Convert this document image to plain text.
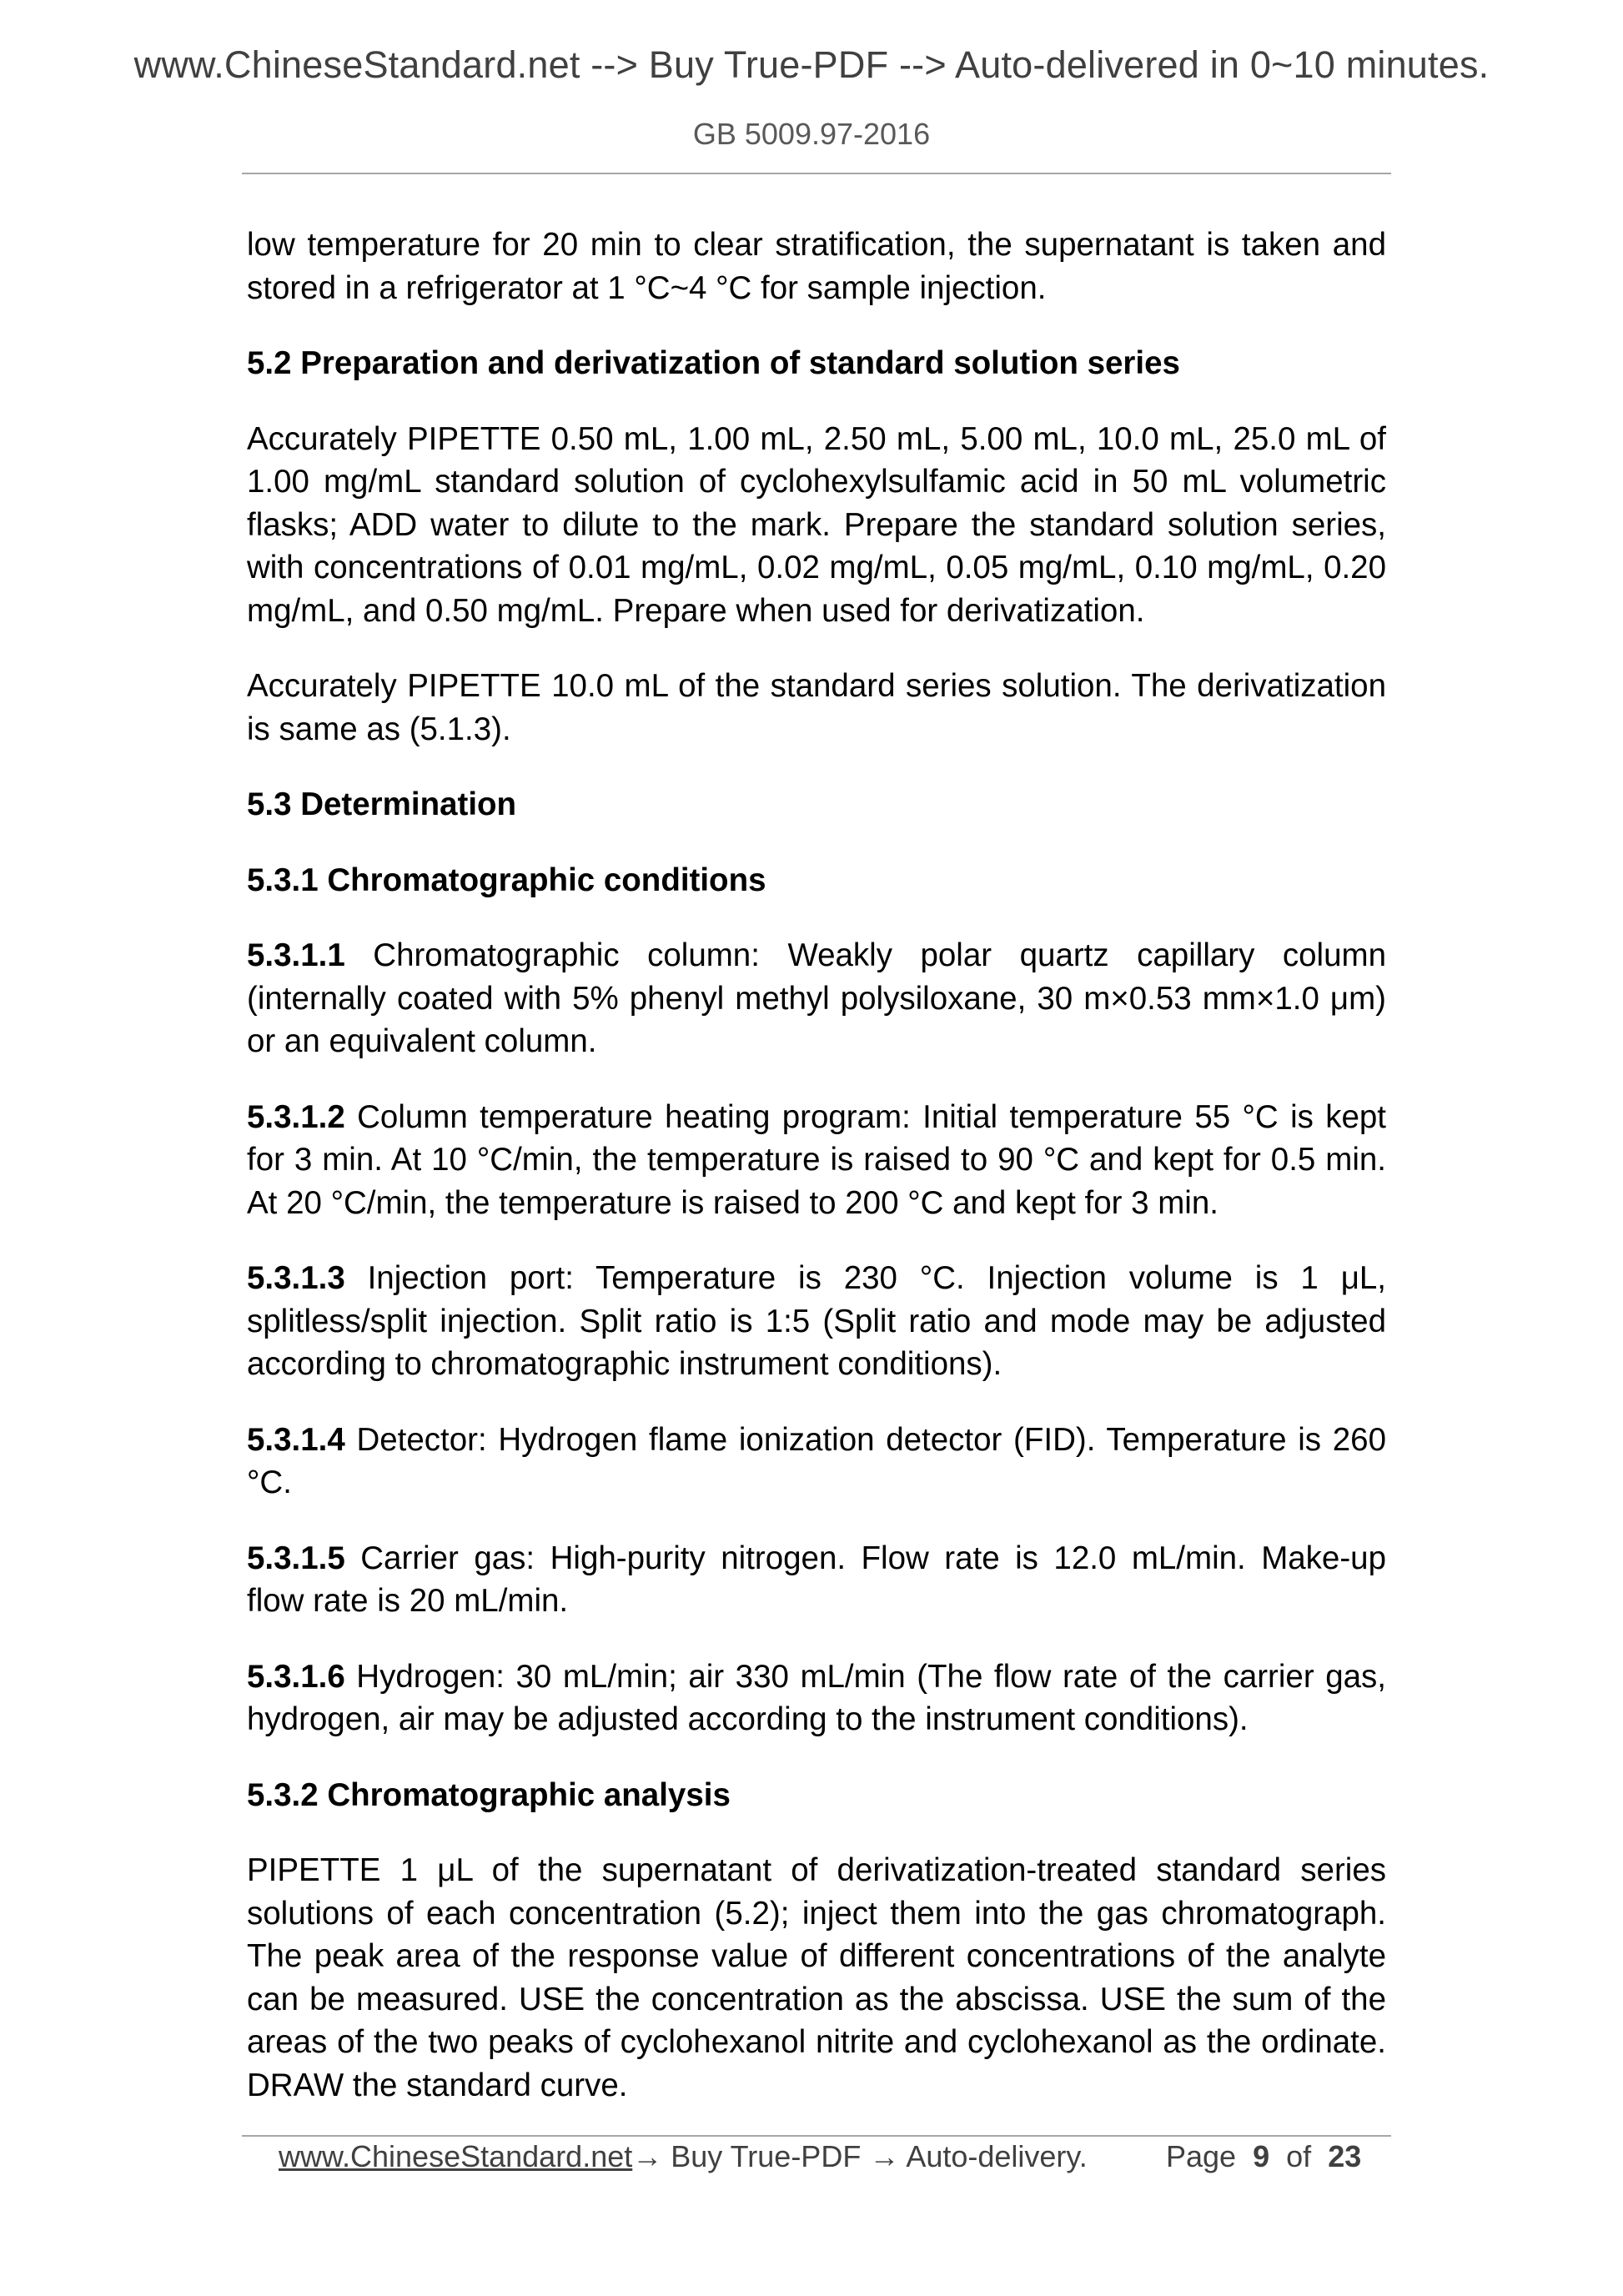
www.ChineseStandard.net --> Buy True-PDF --> Auto-delivered in 0~10 minutes.
GB 5009.97-2016

low temperature for 20 min to clear stratification, the supernatant is taken and stored in a refrigerator at 1 °C~4 °C for sample injection.

5.2 Preparation and derivatization of standard solution series

Accurately PIPETTE 0.50 mL, 1.00 mL, 2.50 mL, 5.00 mL, 10.0 mL, 25.0 mL of 1.00 mg/mL standard solution of cyclohexylsulfamic acid in 50 mL volumetric flasks; ADD water to dilute to the mark. Prepare the standard solution series, with concentrations of 0.01 mg/mL, 0.02 mg/mL, 0.05 mg/mL, 0.10 mg/mL, 0.20 mg/mL, and 0.50 mg/mL. Prepare when used for derivatization.

Accurately PIPETTE 10.0 mL of the standard series solution. The derivatization is same as (5.1.3).

5.3 Determination

5.3.1 Chromatographic conditions

5.3.1.1 Chromatographic column: Weakly polar quartz capillary column (internally coated with 5% phenyl methyl polysiloxane, 30 m×0.53 mm×1.0 μm) or an equivalent column.

5.3.1.2 Column temperature heating program: Initial temperature 55 °C is kept for 3 min. At 10 °C/min, the temperature is raised to 90 °C and kept for 0.5 min. At 20 °C/min, the temperature is raised to 200 °C and kept for 3 min.

5.3.1.3 Injection port: Temperature is 230 °C. Injection volume is 1 μL, splitless/split injection. Split ratio is 1:5 (Split ratio and mode may be adjusted according to chromatographic instrument conditions).

5.3.1.4 Detector: Hydrogen flame ionization detector (FID). Temperature is 260 °C.

5.3.1.5 Carrier gas: High-purity nitrogen. Flow rate is 12.0 mL/min. Make-up flow rate is 20 mL/min.

5.3.1.6 Hydrogen: 30 mL/min; air 330 mL/min (The flow rate of the carrier gas, hydrogen, air may be adjusted according to the instrument conditions).

5.3.2 Chromatographic analysis

PIPETTE 1 μL of the supernatant of derivatization-treated standard series solutions of each concentration (5.2); inject them into the gas chromatograph. The peak area of the response value of different concentrations of the analyte can be measured. USE the concentration as the abscissa. USE the sum of the areas of the two peaks of cyclohexanol nitrite and cyclohexanol as the ordinate. DRAW the standard curve.

www.ChineseStandard.net→ Buy True-PDF → Auto-delivery.	Page 9 of 23
